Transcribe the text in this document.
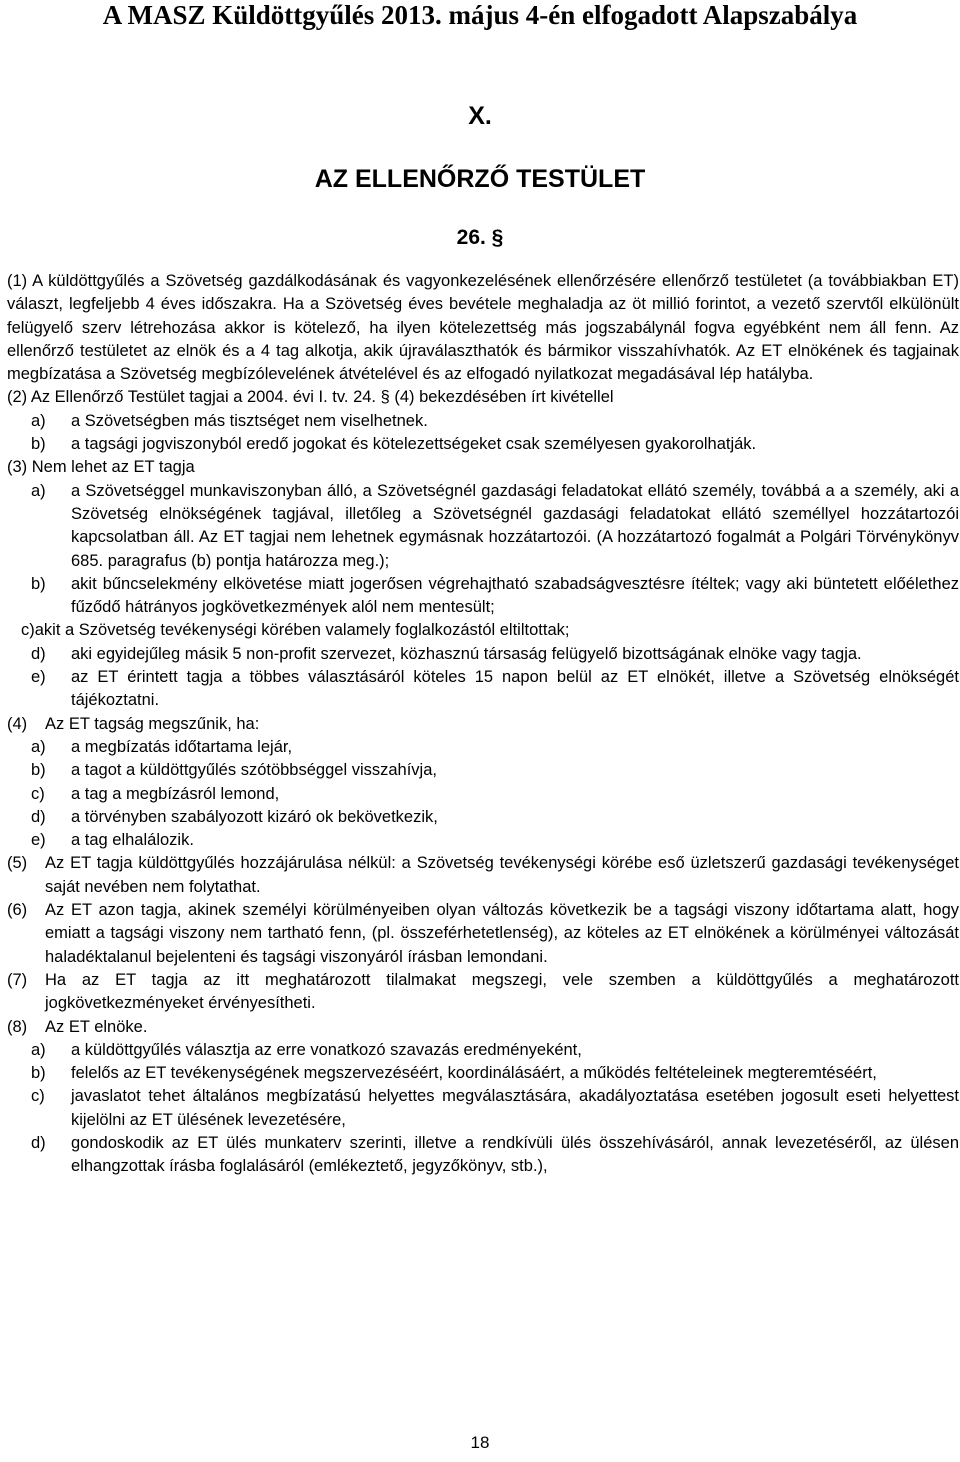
A MASZ Küldöttgyűlés 2013. május 4-én elfogadott Alapszabálya
X.
AZ ELLENŐRZŐ TESTÜLET
26. §

(1) A küldöttgyűlés a Szövetség gazdálkodásának és vagyonkezelésének ellenőrzésére ellenőrző testületet (a továbbiakban ET) választ, legfeljebb 4 éves időszakra. Ha a Szövetség éves bevétele meghaladja az öt millió forintot, a vezető szervtől elkülönült felügyelő szerv létrehozása akkor is kötelező, ha ilyen kötelezettség más jogszabálynál fogva egyébként nem áll fenn. Az ellenőrző testületet az elnök és a 4 tag alkotja, akik újraválaszthatók és bármikor visszahívhatók. Az ET elnökének és tagjainak megbízatása a Szövetség megbízólevelének átvételével és az elfogadó nyilatkozat megadásával lép hatályba.

(2) Az Ellenőrző Testület tagjai a 2004. évi I. tv. 24. § (4) bekezdésében írt kivétellel

a)	a Szövetségben más tisztséget nem viselhetnek.
b)	a tagsági jogviszonyból eredő jogokat és kötelezettségeket csak személyesen gyakorolhatják.

(3) Nem lehet az ET tagja

a)	a Szövetséggel munkaviszonyban álló, a Szövetségnél gazdasági feladatokat ellátó személy, továbbá a a személy, aki a Szövetség elnökségének tagjával, illetőleg a Szövetségnél gazdasági feladatokat ellátó személlyel hozzátartozói kapcsolatban áll. Az ET tagjai nem lehetnek egymásnak hozzátartozói. (A hozzátartozó fogalmát a Polgári Törvénykönyv 685. paragrafus (b) pontja határozza meg.);
b)	akit bűncselekmény elkövetése miatt jogerősen végrehajtható szabadságvesztésre ítéltek; vagy aki büntetett előélethez fűződő hátrányos jogkövetkezmények alól nem mentesült;
c) akit a Szövetség tevékenységi körében valamely foglalkozástól eltiltottak;
d)	aki egyidejűleg másik 5 non-profit szervezet, közhasznú társaság felügyelő bizottságának elnöke vagy tagja.
e)	az ET érintett tagja a többes választásáról köteles 15 napon belül az ET elnökét, illetve a Szövetség elnökségét tájékoztatni.
(4)	Az ET tagság megszűnik, ha:
a)	a megbízatás időtartama lejár,
b)	a tagot a küldöttgyűlés szótöbbséggel visszahívja,
c)	a tag a megbízásról lemond,
d)	a törvényben szabályozott kizáró ok bekövetkezik,
e)	a tag elhalálozik.
(5)	Az ET tagja küldöttgyűlés hozzájárulása nélkül: a Szövetség tevékenységi körébe eső üzletszerű gazdasági tevékenységet saját nevében nem folytathat.
(6)	Az ET azon tagja, akinek személyi körülményeiben olyan változás következik be a tagsági viszony időtartama alatt, hogy emiatt a tagsági viszony nem tartható fenn, (pl. összeférhetetlenség), az köteles az ET elnökének a körülményei változását haladéktalanul bejelenteni és tagsági viszonyáról írásban lemondani.
(7)	Ha az ET tagja az itt meghatározott tilalmakat megszegi, vele szemben a küldöttgyűlés a meghatározott jogkövetkezményeket érvényesítheti.
(8)	Az ET elnöke.
a)	a küldöttgyűlés választja az erre vonatkozó szavazás eredményeként,
b)	felelős az ET tevékenységének megszervezéséért, koordinálásáért, a működés feltételeinek megteremtéséért,
c)	javaslatot tehet általános megbízatású helyettes megválasztására, akadályoztatása esetében jogosult eseti helyettest kijelölni az ET ülésének levezetésére,
d)	gondoskodik az ET ülés munkaterv szerinti, illetve a rendkívüli ülés összehívásáról, annak levezetéséről, az ülésen elhangzottak írásba foglalásáról (emlékeztető, jegyzőkönyv, stb.),
18
